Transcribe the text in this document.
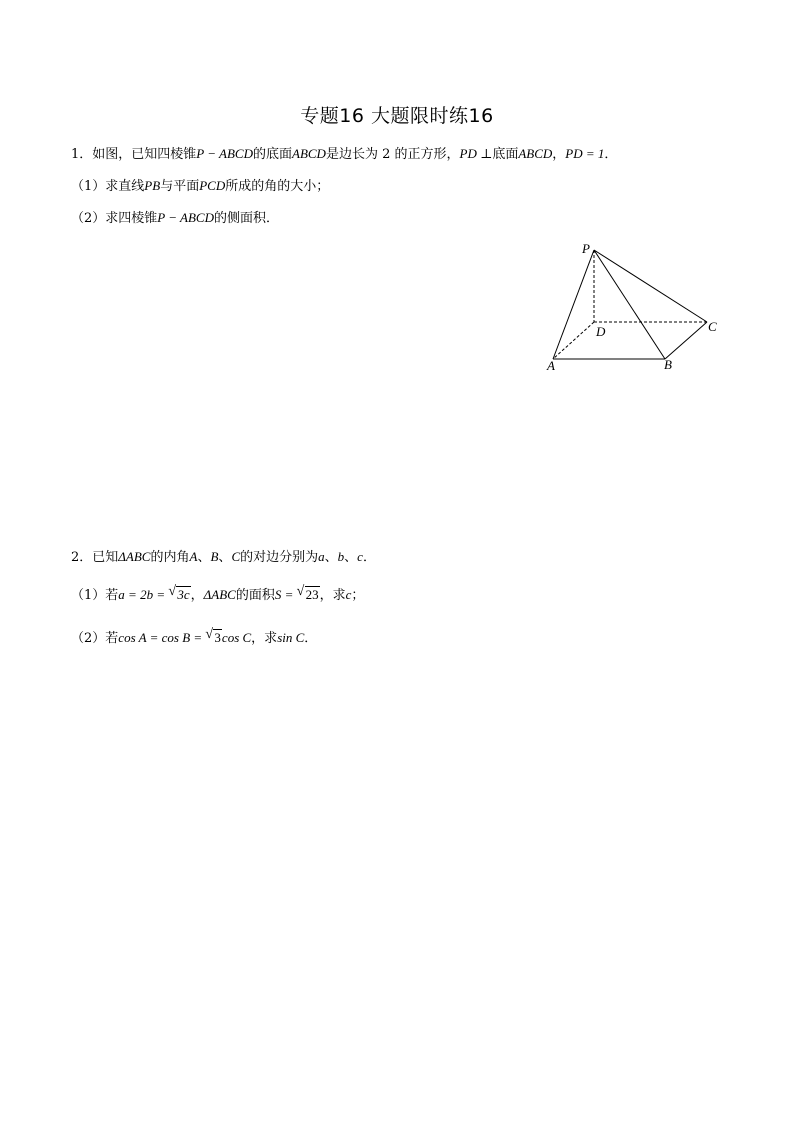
专题16 大题限时练16
1．如图，已知四棱锥P − ABCD的底面ABCD是边长为 2 的正方形，PD ⊥底面ABCD，PD = 1．
（1）求直线PB与平面PCD所成的角的大小；
（2）求四棱锥P − ABCD的侧面积．
P
D	C
A	B
2．已知ΔABC的内角A、B、C的对边分别为a、b、c．
（1）若a = 2b = √ 3c，ΔABC的面积S = √ 23，求c；
（2）若cos A = cos B = √ 3cos C，求sin C．
